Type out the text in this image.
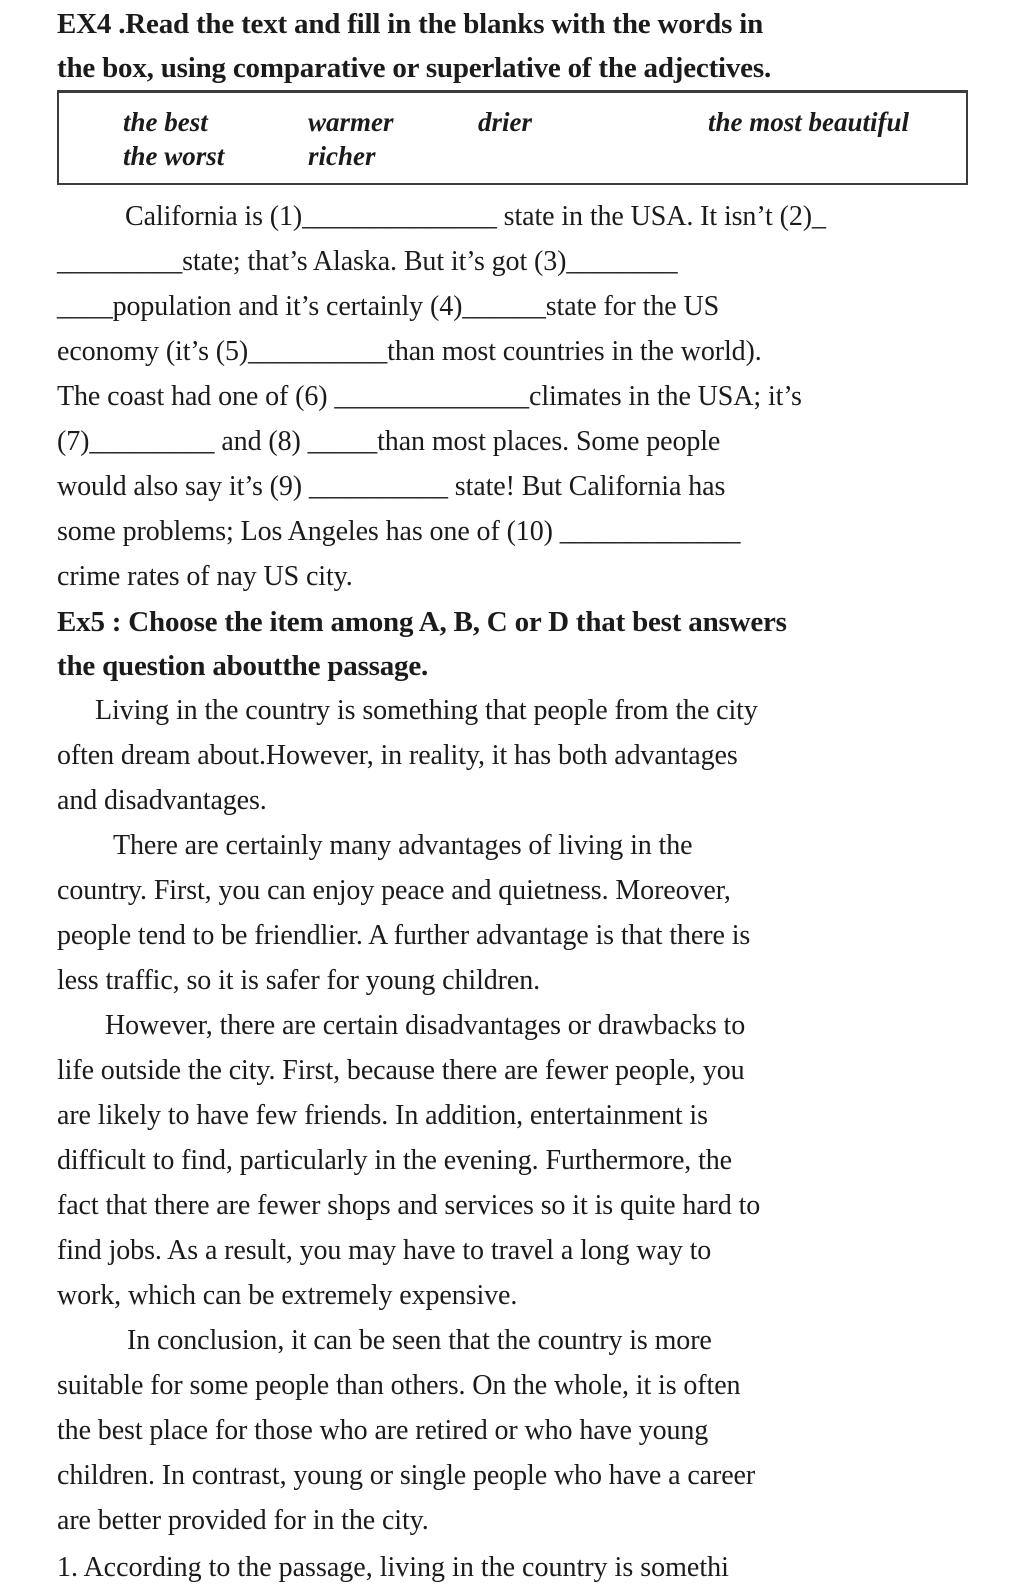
EX4 .Read the text and fill in the blanks with the words in
the box, using comparative or superlative of the adjectives.
the best	warmer	drier	the most beautiful
the worst	richer
California is (1)______________ state in the USA. It isn’t (2)_
_________state; that’s Alaska. But it’s got (3)________
____population and it’s certainly (4)______state for the US
economy (it’s (5)__________than most countries in the world).
The coast had one of (6) ______________climates in the USA; it’s
(7)_________ and (8) _____than most places. Some people
would also say it’s (9) __________ state! But California has
some problems; Los Angeles has one of (10) _____________
crime rates of nay US city.
Ex5 : Choose the item among A, B, C or D that best answers
the question aboutthe passage.
Living in the country is something that people from the city
often dream about.However, in reality, it has both advantages
and disadvantages.
There are certainly many advantages of living in the
country. First, you can enjoy peace and quietness. Moreover,
people tend to be friendlier. A further advantage is that there is
less traffic, so it is safer for young children.
However, there are certain disadvantages or drawbacks to
life outside the city. First, because there are fewer people, you
are likely to have few friends. In addition, entertainment is
difficult to find, particularly in the evening. Furthermore, the
fact that there are fewer shops and services so it is quite hard to
find jobs. As a result, you may have to travel a long way to
work, which can be extremely expensive.
In conclusion, it can be seen that the country is more
suitable for some people than others. On the whole, it is often
the best place for those who are retired or who have young
children. In contrast, young or single people who have a career
are better provided for in the city.
1. According to the passage, living in the country is somethi
